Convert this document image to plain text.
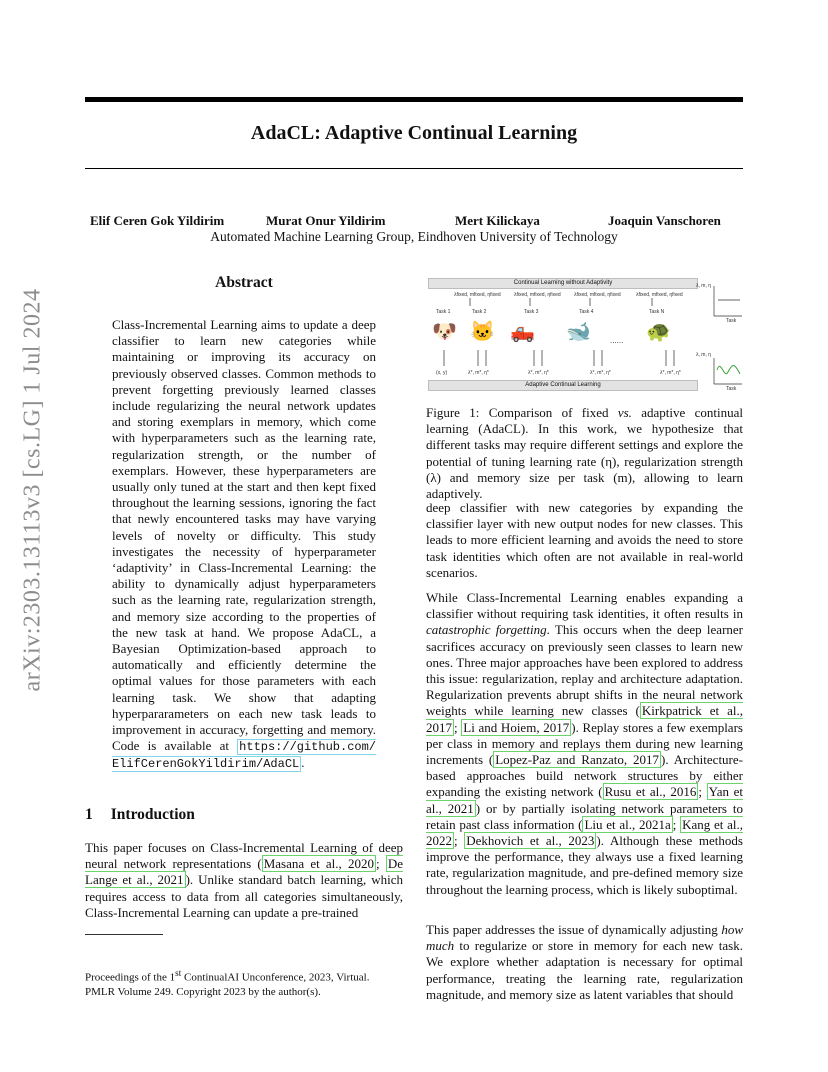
AdaCL: Adaptive Continual Learning
Elif Ceren Gok Yildirim	Murat Onur Yildirim	Mert Kilickaya	Joaquin Vanschoren
Automated Machine Learning Group, Eindhoven University of Technology
arXiv:2303.13113v3 [cs.LG] 1 Jul 2024
Abstract
Class-Incremental Learning aims to update a deep classifier to learn new categories while maintaining or improving its accuracy on previously observed classes. Common methods to prevent forgetting previously learned classes include regularizing the neural network updates and storing exemplars in memory, which come with hyperparameters such as the learning rate, regularization strength, or the number of exemplars. However, these hyperparameters are usually only tuned at the start and then kept fixed throughout the learning sessions, ignoring the fact that newly encountered tasks may have varying levels of novelty or difficulty. This study investigates the necessity of hyperparameter ‘adaptivity’ in Class-Incremental Learning: the ability to dynamically adjust hyperparameters such as the learning rate, regularization strength, and memory size according to the properties of the new task at hand. We propose AdaCL, a Bayesian Optimization-based approach to automatically and efficiently determine the optimal values for those parameters with each learning task. We show that adapting hyperpararameters on each new task leads to improvement in accuracy, forgetting and memory. Code is available at https://github.com/ ElifCerenGokYildirim/AdaCL .
Continual Learning without Adaptivity
λfixed, mfixed, ηfixed	λfixed, mfixed, ηfixed	λfixed, mfixed, ηfixed	λfixed, mfixed, ηfixed
Task 1	Task 2	Task 3	Task 4	Task N
🐶 🐱 🛻 🐋 ...... 🐢
(x, y)	λ*, m*, η*	λ*, m*, η*	λ*, m*, η*	λ*, m*, η*
Adaptive Continual Learning
λ, m, η
Task
λ, m, η
Task
Figure 1: Comparison of fixed vs. adaptive continual learning (AdaCL). In this work, we hypothesize that different tasks may require different settings and explore the potential of tuning learning rate (η), regularization strength (λ) and memory size per task (m), allowing to learn adaptively.
deep classifier with new categories by expanding the classifier layer with new output nodes for new classes. This leads to more efficient learning and avoids the need to store task identities which often are not available in real-world scenarios.
While Class-Incremental Learning enables expanding a classifier without requiring task identities, it often results in catastrophic forgetting. This occurs when the deep learner sacrifices accuracy on previously seen classes to learn new ones. Three major approaches have been explored to address this issue: regularization, replay and architecture adaptation. Regularization prevents abrupt shifts in the neural network weights while learning new classes ( Kirkpatrick et al., 2017 ; Li and Hoiem, 2017 ). Replay stores a few exemplars per class in memory and replays them during new learning increments ( Lopez-Paz and Ranzato, 2017 ). Architecture-based approaches build network structures by either expanding the existing network ( Rusu et al., 2016 ; Yan et al., 2021 ) or by partially isolating network parameters to retain past class information ( Liu et al., 2021a ; Kang et al., 2022 ; Dekhovich et al., 2023 ). Although these methods improve the performance, they always use a fixed learning rate, regularization magnitude, and pre-defined memory size throughout the learning process, which is likely suboptimal.
This paper addresses the issue of dynamically adjusting how much to regularize or store in memory for each new task. We explore whether adaptation is necessary for optimal performance, treating the learning rate, regularization magnitude, and memory size as latent variables that should
1 Introduction
This paper focuses on Class-Incremental Learning of deep neural network representations ( Masana et al., 2020 ; De Lange et al., 2021 ). Unlike standard batch learning, which requires access to data from all categories simultaneously, Class-Incremental Learning can update a pre-trained
Proceedings of the 1st ContinualAI Unconference, 2023, Virtual.
PMLR Volume 249. Copyright 2023 by the author(s).
